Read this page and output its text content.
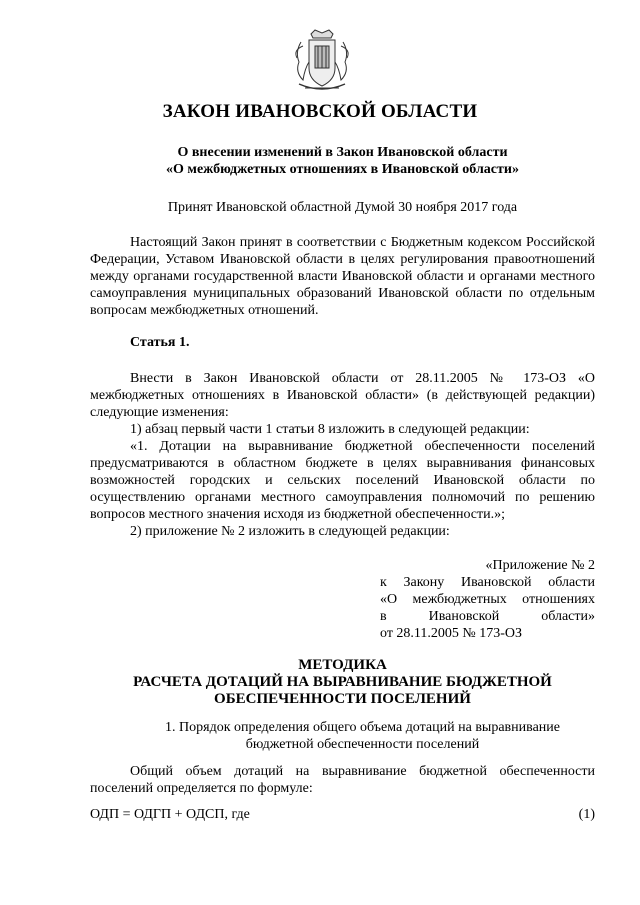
ЗАКОН ИВАНОВСКОЙ ОБЛАСТИ
О внесении изменений в Закон Ивановской области
«О межбюджетных отношениях в Ивановской области»
Принят Ивановской областной Думой 30 ноября 2017 года
Настоящий Закон принят в соответствии с Бюджетным кодексом Российской Федерации, Уставом Ивановской области в целях регулирования правоотношений между органами государственной власти Ивановской области и органами местного самоуправления муниципальных образований Ивановской области по отдельным вопросам межбюджетных отношений.
Статья 1.

Внести в Закон Ивановской области от 28.11.2005 № 173-ОЗ «О межбюджетных отношениях в Ивановской области» (в действующей редакции) следующие изменения:

1) абзац первый части 1 статьи 8 изложить в следующей редакции:

«1. Дотации на выравнивание бюджетной обеспеченности поселений предусматриваются в областном бюджете в целях выравнивания финансовых возможностей городских и сельских поселений Ивановской области по осуществлению органами местного самоуправления полномочий по решению вопросов местного значения исходя из бюджетной обеспеченности.»;

2) приложение № 2 изложить в следующей редакции:

«Приложение № 2
к Закону Ивановской области
«О межбюджетных отношениях
в Ивановской области»
от 28.11.2005 № 173-ОЗ
МЕТОДИКА
РАСЧЕТА ДОТАЦИЙ НА ВЫРАВНИВАНИЕ БЮДЖЕТНОЙ
ОБЕСПЕЧЕННОСТИ ПОСЕЛЕНИЙ
1. Порядок определения общего объема дотаций на выравнивание
бюджетной обеспеченности поселений
Общий объем дотаций на выравнивание бюджетной обеспеченности поселений определяется по формуле:
ОДП = ОДГП + ОДСП, где	(1)
